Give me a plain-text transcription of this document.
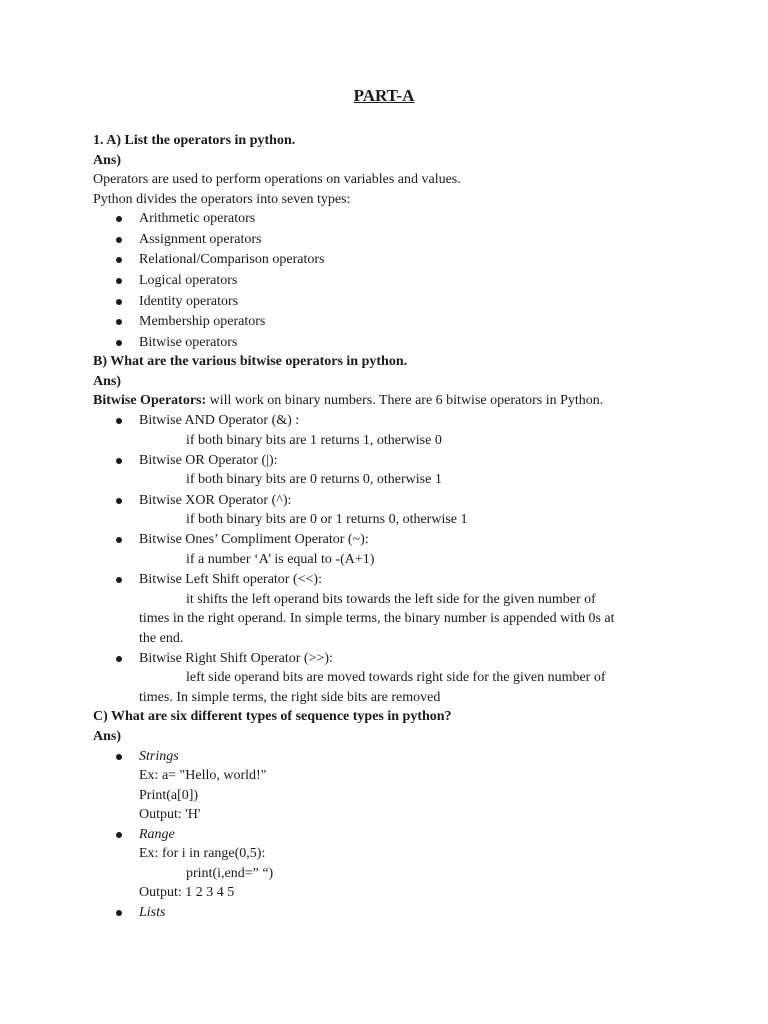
PART-A
1. A) List the operators in python.
Ans)
Operators are used to perform operations on variables and values.
Python divides the operators into seven types:
Arithmetic operators
Assignment operators
Relational/Comparison operators
Logical operators
Identity operators
Membership operators
Bitwise operators
B) What are the various bitwise operators in python.
Ans)
Bitwise Operators: will work on binary numbers. There are 6 bitwise operators in Python.
Bitwise AND Operator (&) :
if both binary bits are 1 returns 1, otherwise 0
Bitwise OR Operator (|):
if both binary bits are 0 returns 0, otherwise 1
Bitwise XOR Operator (^):
if both binary bits are 0 or 1 returns 0, otherwise 1
Bitwise Ones’ Compliment Operator (~):
if a number ‘A’ is equal to -(A+1)
Bitwise Left Shift operator (<<):
it shifts the left operand bits towards the left side for the given number of
times in the right operand. In simple terms, the binary number is appended with 0s at
the end.
Bitwise Right Shift Operator (>>):
left side operand bits are moved towards right side for the given number of
times. In simple terms, the right side bits are removed
C) What are six different types of sequence types in python?
Ans)
Strings
Ex: a= "Hello, world!"
Print(a[0])
Output: 'H'
Range
Ex: for i in range(0,5):
print(i,end=” “)
Output: 1 2 3 4 5
Lists
